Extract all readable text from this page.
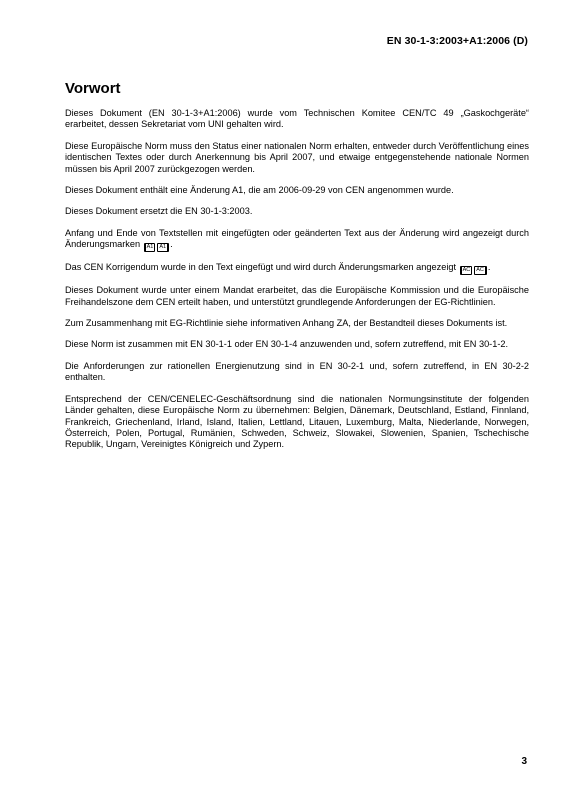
EN 30-1-3:2003+A1:2006 (D)
Vorwort

Dieses Dokument (EN 30-1-3+A1:2006) wurde vom Technischen Komitee CEN/TC 49 „Gaskochgeräte“ erarbeitet, dessen Sekretariat vom UNI gehalten wird.

Diese Europäische Norm muss den Status einer nationalen Norm erhalten, entweder durch Veröffentlichung eines identischen Textes oder durch Anerkennung bis April 2007, und etwaige entgegenstehende nationale Normen müssen bis April 2007 zurückgezogen werden.

Dieses Dokument enthält eine Änderung A1, die am 2006-09-29 von CEN angenommen wurde.

Dieses Dokument ersetzt die EN 30-1-3:2003.

Anfang und Ende von Textstellen mit eingefügten oder geänderten Text aus der Änderung wird angezeigt durch Änderungsmarken A1 A1 .

Das CEN Korrigendum wurde in den Text eingefügt und wird durch Änderungsmarken angezeigt AC AC .

Dieses Dokument wurde unter einem Mandat erarbeitet, das die Europäische Kommission und die Europäische Freihandelszone dem CEN erteilt haben, und unterstützt grundlegende Anforderungen der EG-Richtlinien.

Zum Zusammenhang mit EG-Richtlinie siehe informativen Anhang ZA, der Bestandteil dieses Dokuments ist.

Diese Norm ist zusammen mit EN 30-1-1 oder EN 30-1-4 anzuwenden und, sofern zutreffend, mit EN 30-1-2.

Die Anforderungen zur rationellen Energienutzung sind in EN 30-2-1 und, sofern zutreffend, in EN 30-2-2 enthalten.

Entsprechend der CEN/CENELEC-Geschäftsordnung sind die nationalen Normungsinstitute der folgenden Länder gehalten, diese Europäische Norm zu übernehmen: Belgien, Dänemark, Deutschland, Estland, Finnland, Frankreich, Griechenland, Irland, Island, Italien, Lettland, Litauen, Luxemburg, Malta, Niederlande, Norwegen, Österreich, Polen, Portugal, Rumänien, Schweden, Schweiz, Slowakei, Slowenien, Spanien, Tschechische Republik, Ungarn, Vereinigtes Königreich und Zypern.

3
